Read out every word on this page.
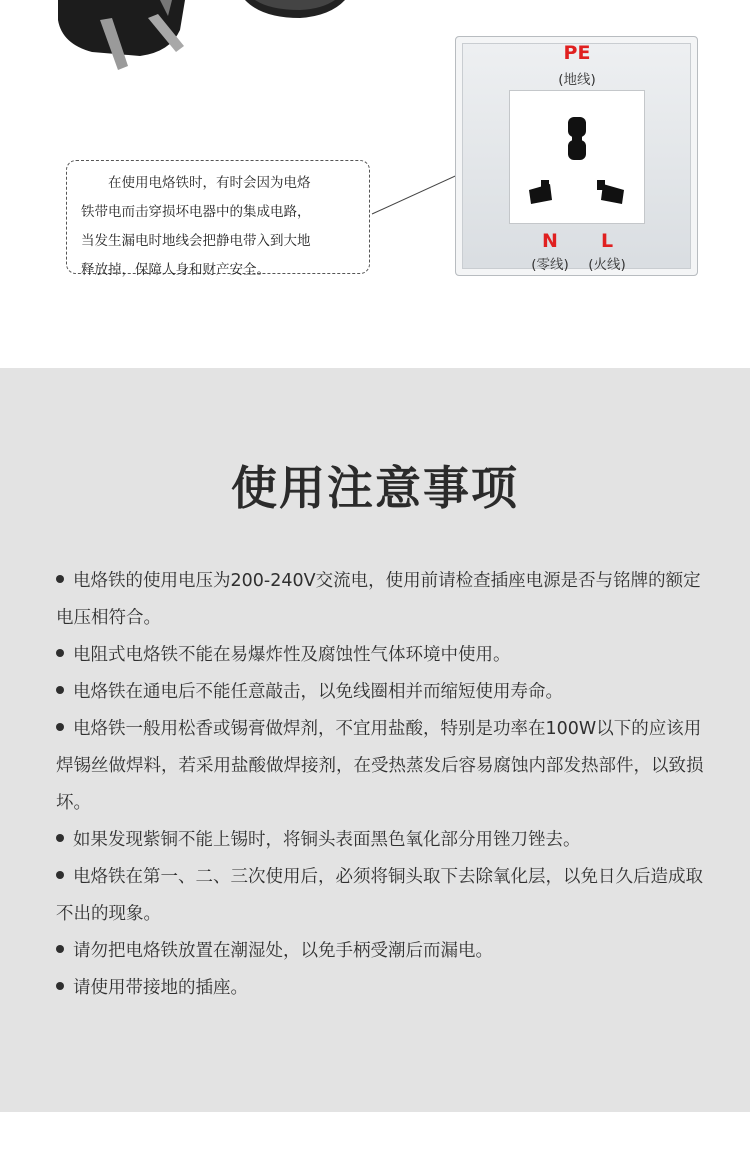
在使用电烙铁时，有时会因为电烙

铁带电而击穿损坏电器中的集成电路，
当发生漏电时地线会把静电带入到大地
释放掉，保障人身和财产安全。
PE
(地线)
N
(零线)
L
(火线)
使用注意事项
电烙铁的使用电压为200-240V交流电，使用前请检查插座电源是否与铭牌的额定电压相符合。
电阻式电烙铁不能在易爆炸性及腐蚀性气体环境中使用。
电烙铁在通电后不能任意敲击，以免线圈相并而缩短使用寿命。
电烙铁一般用松香或锡膏做焊剂，不宜用盐酸，特别是功率在100W以下的应该用焊锡丝做焊料，若采用盐酸做焊接剂，在受热蒸发后容易腐蚀内部发热部件，以致损坏。
如果发现紫铜不能上锡时，将铜头表面黑色氧化部分用锉刀锉去。
电烙铁在第一、二、三次使用后，必须将铜头取下去除氧化层，以免日久后造成取不出的现象。
请勿把电烙铁放置在潮湿处，以免手柄受潮后而漏电。
请使用带接地的插座。
